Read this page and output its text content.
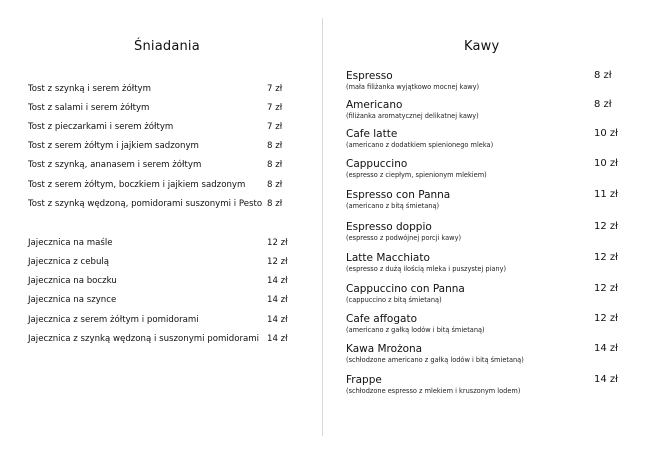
Śniadania
Tost z szynką i serem żółtym	7 zł
Tost z salami i serem żółtym	7 zł
Tost z pieczarkami i serem żółtym	7 zł
Tost z serem żółtym i jajkiem sadzonym	8 zł
Tost z szynką, ananasem i serem żółtym	8 zł
Tost z serem żółtym, boczkiem i jajkiem sadzonym	8 zł
Tost z szynką wędzoną, pomidorami suszonymi i Pesto 8 zł
Jajecznica na maśle	12 zł
Jajecznica z cebulą	12 zł
Jajecznica na boczku	14 zł
Jajecznica na szynce	14 zł
Jajecznica z serem żółtym i pomidorami	14 zł
Jajecznica z szynką wędzoną i suszonymi pomidorami 14 zł
Kawy
Espresso
(mała filiżanka wyjątkowo mocnej kawy)
8 zł
Americano
(filiżanka aromatycznej delikatnej kawy)
8 zł
Cafe latte
(americano z dodatkiem spienionego mleka)
10 zł
Cappuccino
(espresso z ciepłym, spienionym mlekiem)
10 zł
Espresso con Panna
(americano z bitą śmietaną)
11 zł
Espresso doppio
(espresso z podwójnej porcji kawy)
12 zł
Latte Macchiato
(espresso z dużą ilością mleka i puszystej piany)
12 zł
Cappuccino con Panna
(cappuccino z bitą śmietaną)
12 zł
Cafe affogato
(americano z gałką lodów i bitą śmietaną)
12 zł
Kawa Mrożona
(schłodzone americano z gałką lodów i bitą śmietaną)
14 zł
Frappe
(schłodzone espresso z mlekiem i kruszonym lodem)
14 zł
